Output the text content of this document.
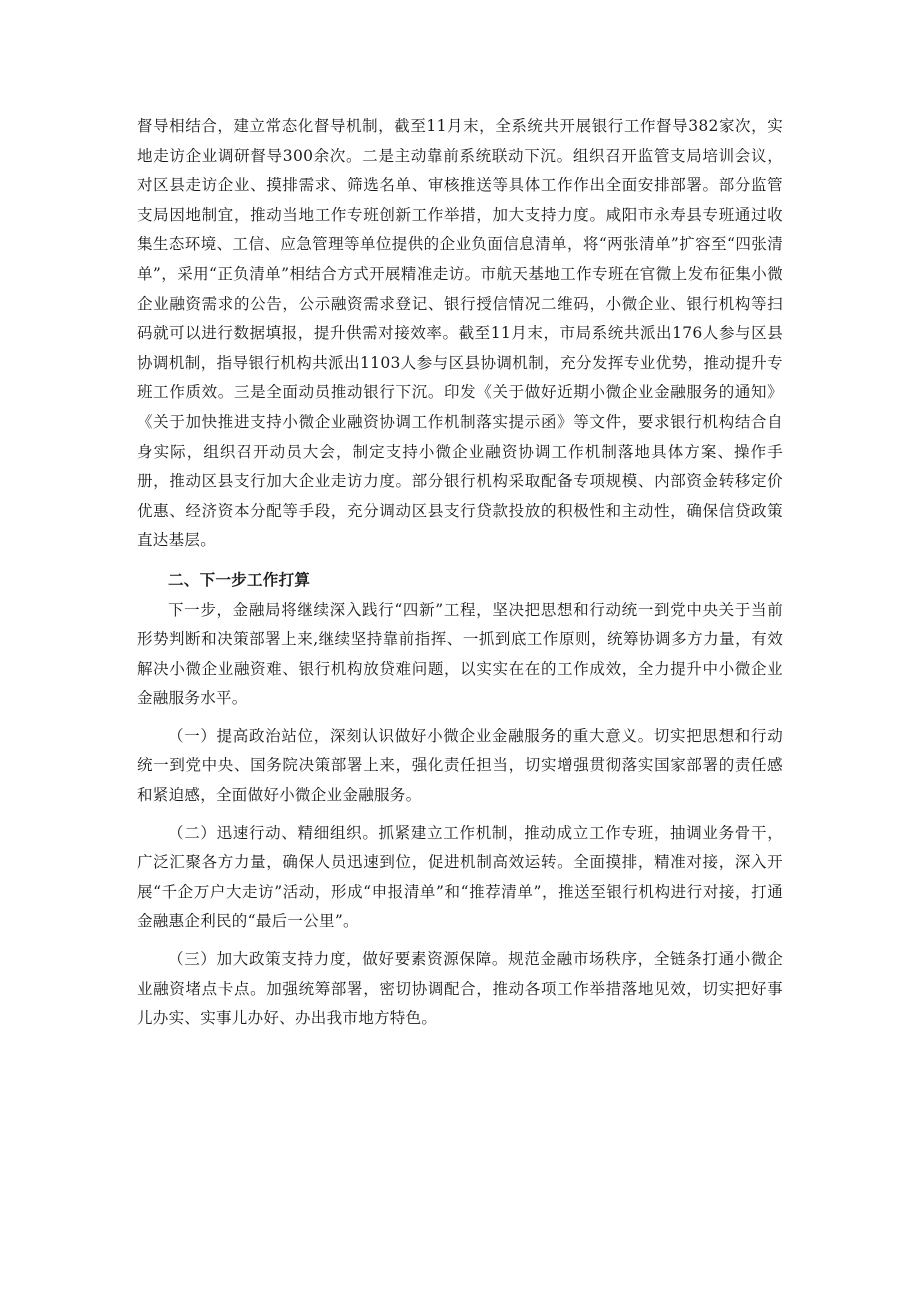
督导相结合，建立常态化督导机制，截至11月末，全系统共开展银行工作督导382家次，实地走访企业调研督导300余次。二是主动靠前系统联动下沉。组织召开监管支局培训会议，对区县走访企业、摸排需求、筛选名单、审核推送等具体工作作出全面安排部署。部分监管支局因地制宜，推动当地工作专班创新工作举措，加大支持力度。咸阳市永寿县专班通过收集生态环境、工信、应急管理等单位提供的企业负面信息清单，将“两张清单”扩容至“四张清单”，采用“正负清单”相结合方式开展精准走访。市航天基地工作专班在官微上发布征集小微企业融资需求的公告，公示融资需求登记、银行授信情况二维码，小微企业、银行机构等扫码就可以进行数据填报，提升供需对接效率。截至11月末，市局系统共派出176人参与区县协调机制，指导银行机构共派出1103人参与区县协调机制，充分发挥专业优势，推动提升专班工作质效。三是全面动员推动银行下沉。印发《关于做好近期小微企业金融服务的通知》《关于加快推进支持小微企业融资协调工作机制落实提示函》等文件，要求银行机构结合自身实际，组织召开动员大会，制定支持小微企业融资协调工作机制落地具体方案、操作手册，推动区县支行加大企业走访力度。部分银行机构采取配备专项规模、内部资金转移定价优惠、经济资本分配等手段，充分调动区县支行贷款投放的积极性和主动性，确保信贷政策直达基层。

二、下一步工作打算

下一步，金融局将继续深入践行“四新”工程，坚决把思想和行动统一到党中央关于当前形势判断和决策部署上来,继续坚持靠前指挥、一抓到底工作原则，统筹协调多方力量，有效解决小微企业融资难、银行机构放贷难问题，以实实在在的工作成效，全力提升中小微企业金融服务水平。

（一）提高政治站位，深刻认识做好小微企业金融服务的重大意义。切实把思想和行动统一到党中央、国务院决策部署上来，强化责任担当，切实增强贯彻落实国家部署的责任感和紧迫感，全面做好小微企业金融服务。

（二）迅速行动、精细组织。抓紧建立工作机制，推动成立工作专班，抽调业务骨干，广泛汇聚各方力量，确保人员迅速到位，促进机制高效运转。全面摸排，精准对接，深入开展“千企万户大走访”活动，形成“申报清单”和“推荐清单”，推送至银行机构进行对接，打通金融惠企利民的“最后一公里”。

（三）加大政策支持力度，做好要素资源保障。规范金融市场秩序，全链条打通小微企业融资堵点卡点。加强统筹部署，密切协调配合，推动各项工作举措落地见效，切实把好事儿办实、实事儿办好、办出我市地方特色。
